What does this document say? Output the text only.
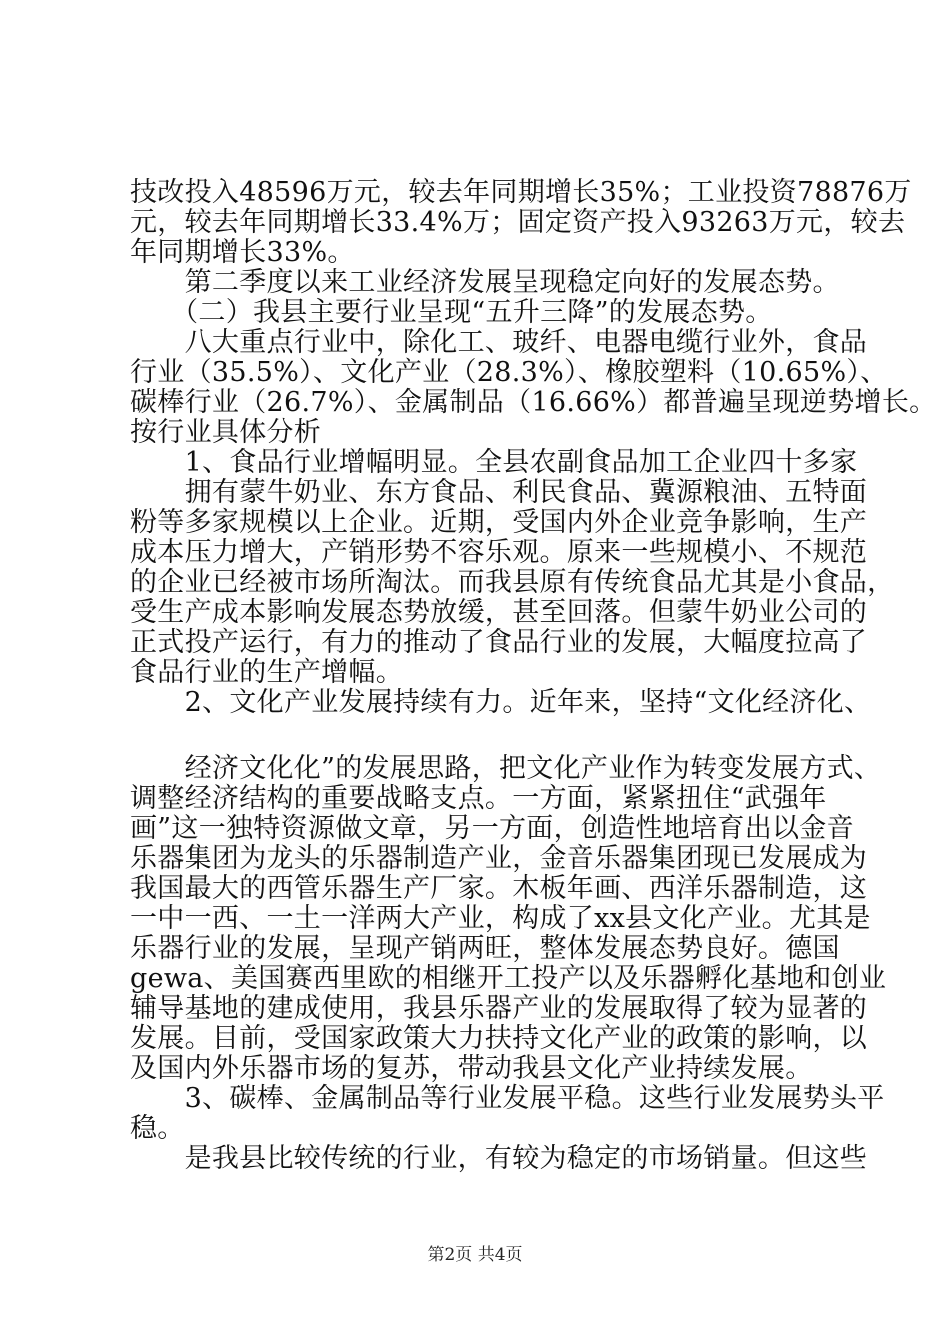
技改投入48596万元，较去年同期增长35%；工业投资78876万
元，较去年同期增长33.4%万；固定资产投入93263万元，较去
年同期增长33%。
　　第二季度以来工业经济发展呈现稳定向好的发展态势。
　　（二）我县主要行业呈现“五升三降”的发展态势。
　　八大重点行业中，除化工、玻纤、电器电缆行业外，食品
行业（35.5%）、文化产业（28.3%）、橡胶塑料（10.65%）、
碳棒行业（26.7%）、金属制品（16.66%）都普遍呈现逆势增长。
按行业具体分析
　　1、食品行业增幅明显。全县农副食品加工企业四十多家
　　拥有蒙牛奶业、东方食品、利民食品、冀源粮油、五特面
粉等多家规模以上企业。近期，受国内外企业竞争影响，生产
成本压力增大，产销形势不容乐观。原来一些规模小、不规范
的企业已经被市场所淘汰。而我县原有传统食品尤其是小食品，
受生产成本影响发展态势放缓，甚至回落。但蒙牛奶业公司的
正式投产运行，有力的推动了食品行业的发展，大幅度拉高了
食品行业的生产增幅。
　　2、文化产业发展持续有力。近年来，坚持“文化经济化、
　　经济文化化”的发展思路，把文化产业作为转变发展方式、
调整经济结构的重要战略支点。一方面，紧紧扭住“武强年
画”这一独特资源做文章，另一方面，创造性地培育出以金音
乐器集团为龙头的乐器制造产业，金音乐器集团现已发展成为
我国最大的西管乐器生产厂家。木板年画、西洋乐器制造，这
一中一西、一土一洋两大产业，构成了xx县文化产业。尤其是
乐器行业的发展，呈现产销两旺，整体发展态势良好。德国
gewa、美国赛西里欧的相继开工投产以及乐器孵化基地和创业
辅导基地的建成使用，我县乐器产业的发展取得了较为显著的
发展。目前，受国家政策大力扶持文化产业的政策的影响，以
及国内外乐器市场的复苏，带动我县文化产业持续发展。
　　3、碳棒、金属制品等行业发展平稳。这些行业发展势头平
稳。
　　是我县比较传统的行业，有较为稳定的市场销量。但这些
第2页 共4页
